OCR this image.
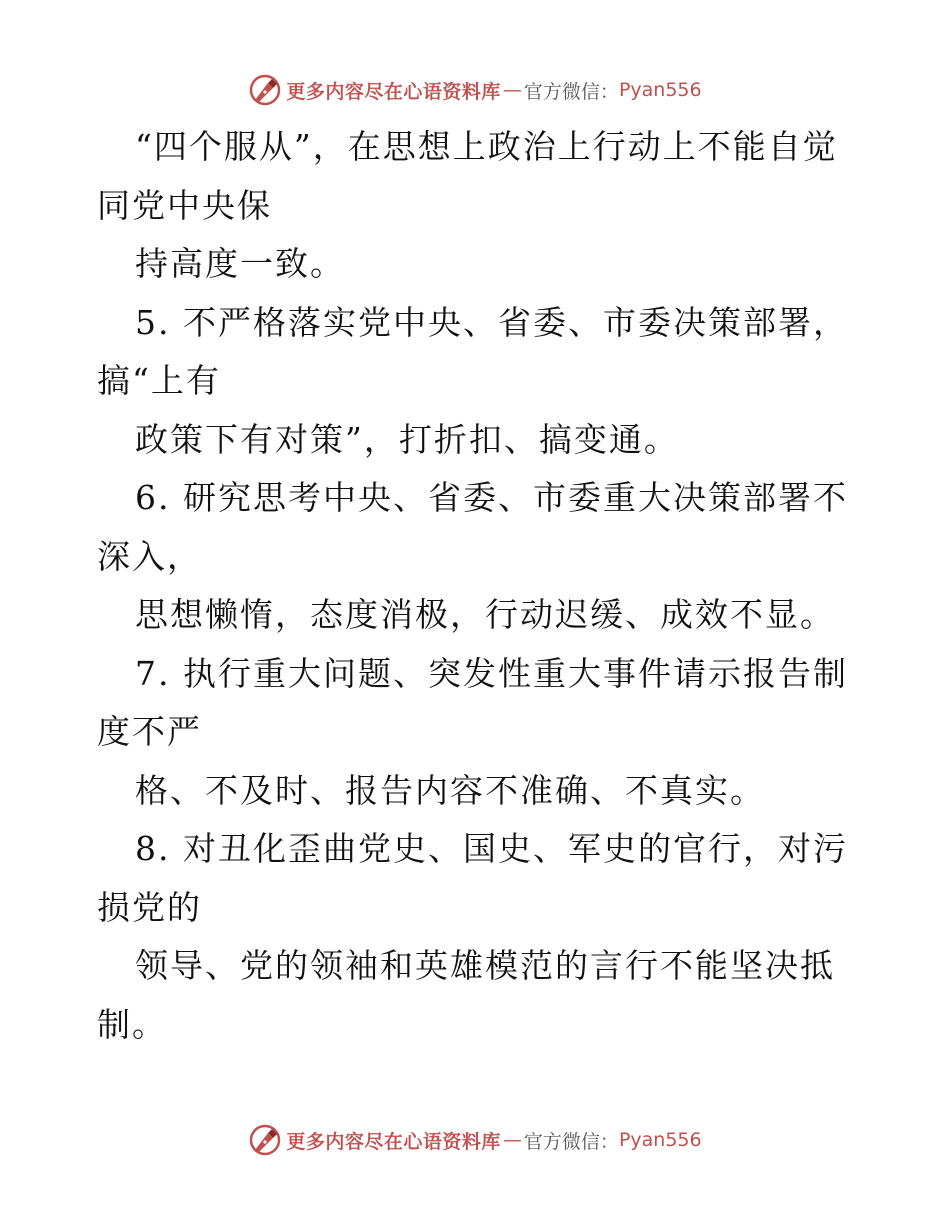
更多内容尽在心语资料库 — 官方微信： Pyan556
“四个服从”，在思想上政治上行动上不能自觉
同党中央保
持高度一致。
5. 不严格落实党中央、省委、市委决策部署，
搞“上有
政策下有对策”，打折扣、搞变通。
6. 研究思考中央、省委、市委重大决策部署不
深入，
思想懒惰，态度消极，行动迟缓、成效不显。
7. 执行重大问题、突发性重大事件请示报告制
度不严
格、不及时、报告内容不准确、不真实。
8. 对丑化歪曲党史、国史、军史的官行，对污
损党的
领导、党的领袖和英雄模范的言行不能坚决抵
制。
更多内容尽在心语资料库 — 官方微信： Pyan556
